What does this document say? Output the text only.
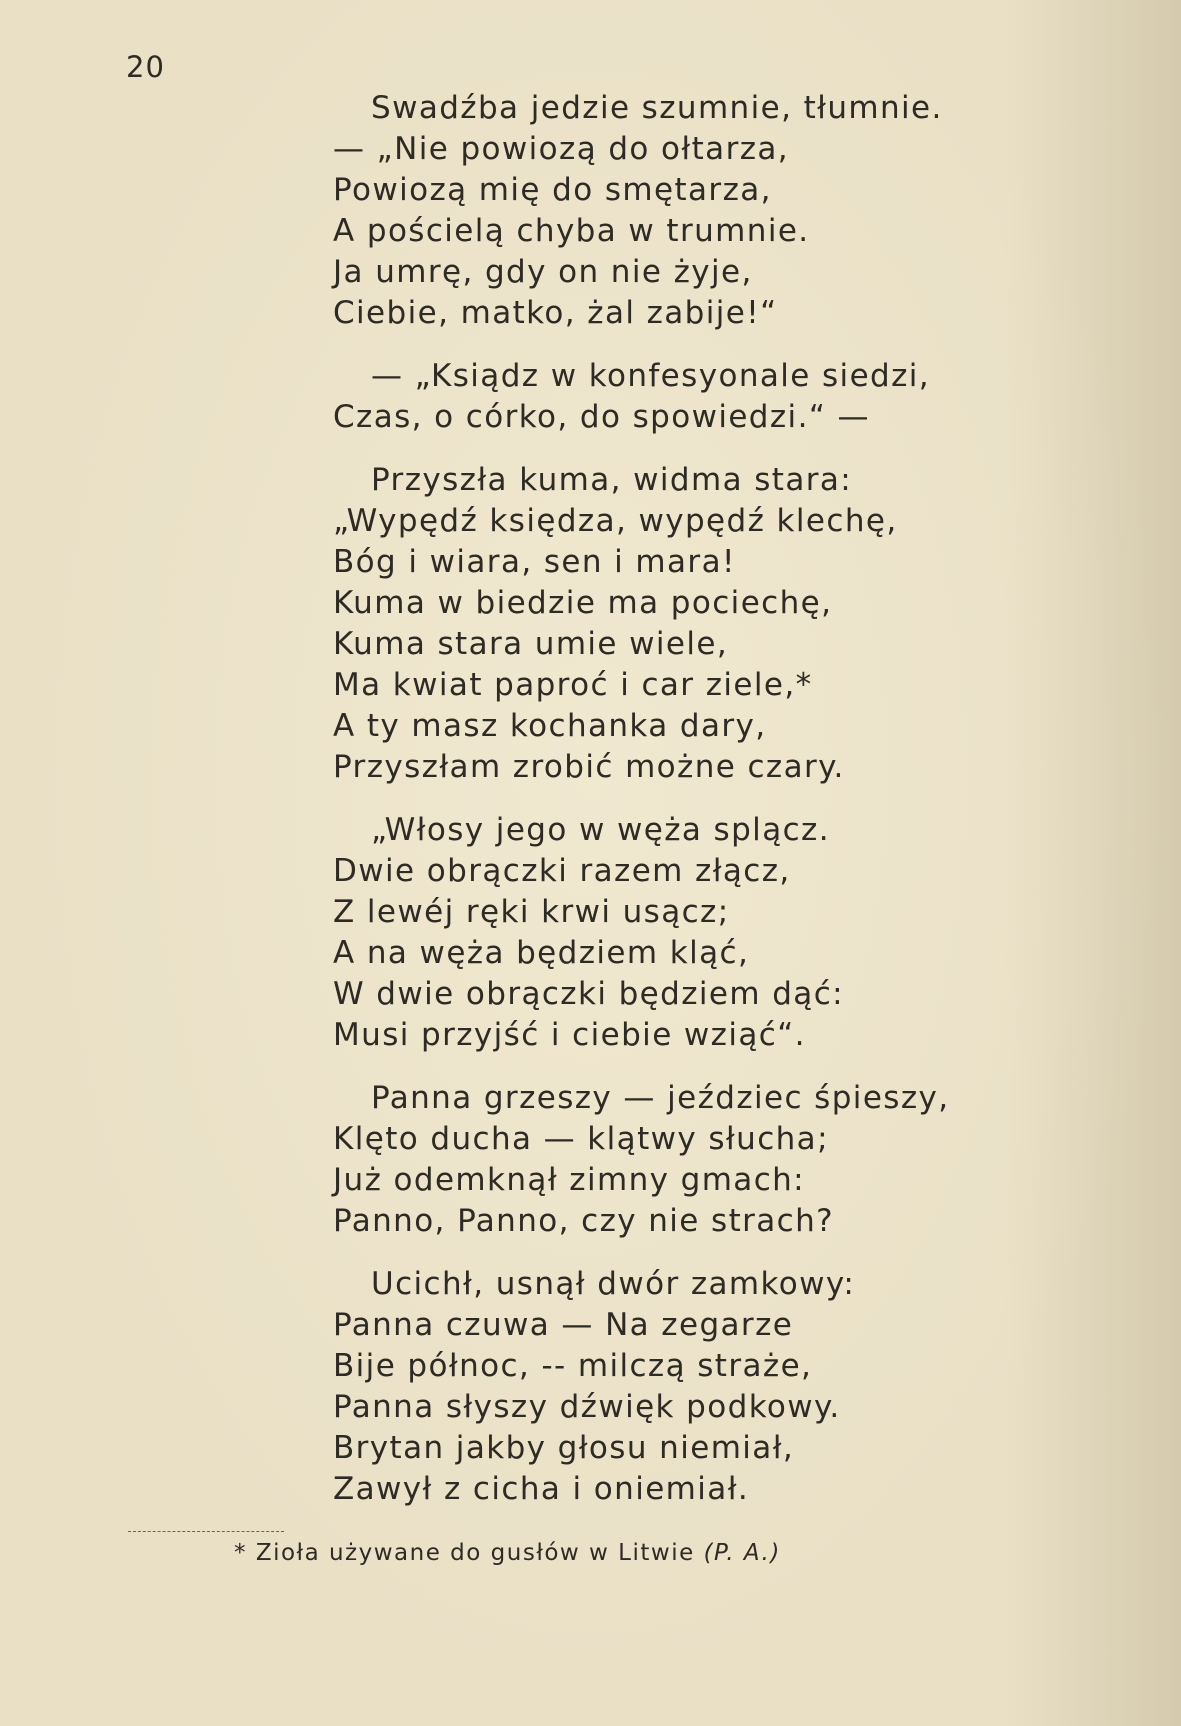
20
Swadźba jedzie szumnie, tłumnie.
— „Nie powiozą do ołtarza,
Powiozą mię do smętarza,
A pościelą chyba w trumnie.
Ja umrę, gdy on nie żyje,
Ciebie, matko, żal zabije!“
— „Ksiądz w konfesyonale siedzi,
Czas, o córko, do spowiedzi.“ —
Przyszła kuma, widma stara:
„Wypędź księdza, wypędź klechę,
Bóg i wiara, sen i mara!
Kuma w biedzie ma pociechę,
Kuma stara umie wiele,
Ma kwiat paproć i car ziele,*
A ty masz kochanka dary,
Przyszłam zrobić możne czary.
„Włosy jego w węża splącz.
Dwie obrączki razem złącz,
Z lewéj ręki krwi usącz;
A na węża będziem kląć,
W dwie obrączki będziem dąć:
Musi przyjść i ciebie wziąć“.
Panna grzeszy — jeździec śpieszy,
Klęto ducha — klątwy słucha;
Już odemknął zimny gmach:
Panno, Panno, czy nie strach?
Ucichł, usnął dwór zamkowy:
Panna czuwa — Na zegarze
Bije północ, -- milczą straże,
Panna słyszy dźwięk podkowy.
Brytan jakby głosu niemiał,
Zawył z cicha i oniemiał.
* Zioła używane do gusłów w Litwie (P. A.)
